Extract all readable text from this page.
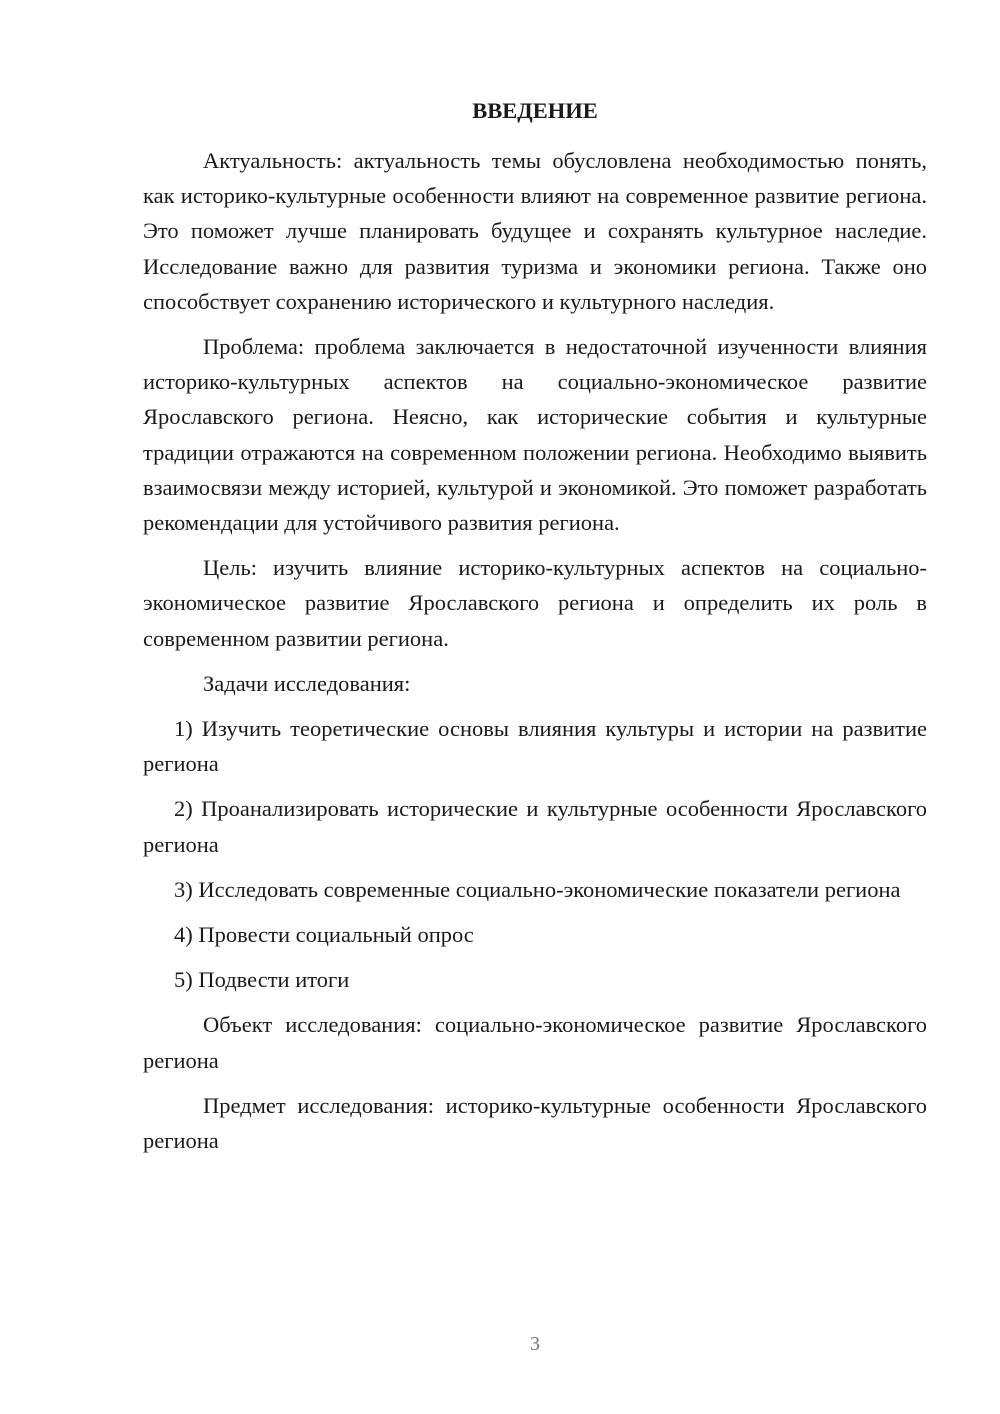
ВВЕДЕНИЕ

Актуальность: актуальность темы обусловлена необходимостью понять, как историко-культурные особенности влияют на современное развитие региона. Это поможет лучше планировать будущее и сохранять культурное наследие. Исследование важно для развития туризма и экономики региона. Также оно способствует сохранению исторического и культурного наследия.

Проблема: проблема заключается в недостаточной изученности влияния историко-культурных аспектов на социально-экономическое развитие Ярославского региона. Неясно, как исторические события и культурные традиции отражаются на современном положении региона. Необходимо выявить взаимосвязи между историей, культурой и экономикой. Это поможет разработать рекомендации для устойчивого развития региона.

Цель: изучить влияние историко-культурных аспектов на социально-экономическое развитие Ярославского региона и определить их роль в современном развитии региона.

Задачи исследования:

1) Изучить теоретические основы влияния культуры и истории на развитие региона

2) Проанализировать исторические и культурные особенности Ярославского региона

3) Исследовать современные социально-экономические показатели региона

4) Провести социальный опрос

5) Подвести итоги

Объект исследования: социально-экономическое развитие Ярославского региона

Предмет исследования: историко-культурные особенности Ярославского региона

3
